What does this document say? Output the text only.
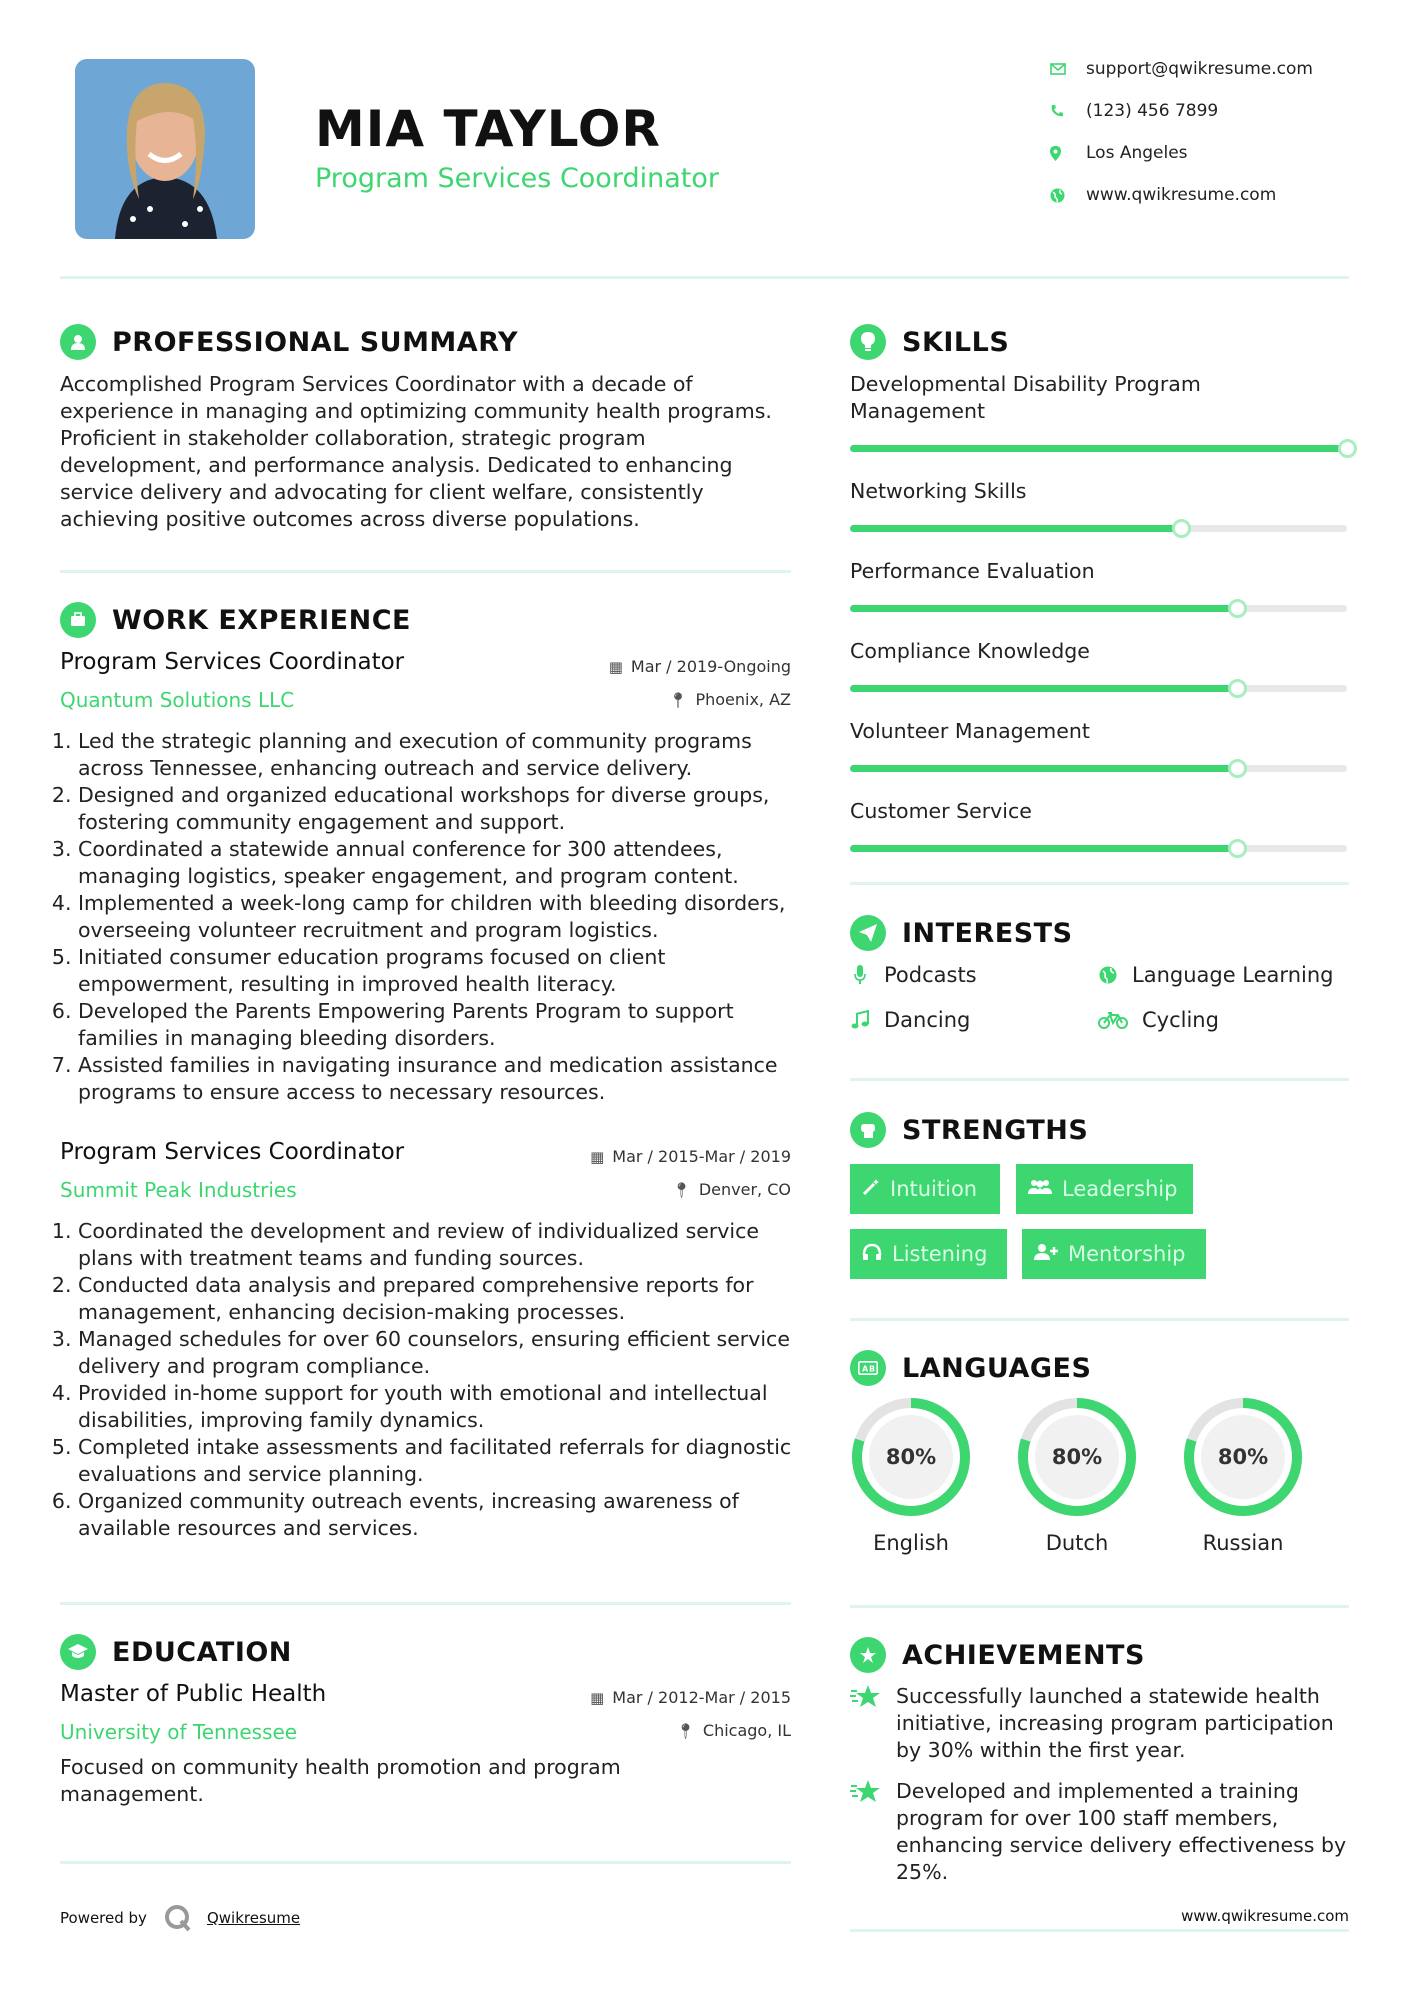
MIA TAYLOR
Program Services Coordinator
support@qwikresume.com
(123) 456 7899
Los Angeles
www.qwikresume.com
PROFESSIONAL SUMMARY
Accomplished Program Services Coordinator with a decade of experience in managing and optimizing community health programs. Proficient in stakeholder collaboration, strategic program development, and performance analysis. Dedicated to enhancing service delivery and advocating for client welfare, consistently achieving positive outcomes across diverse populations.
WORK EXPERIENCE
Program Services Coordinator	▦ Mar / 2019-Ongoing
Quantum Solutions LLC	📍︎ Phoenix, AZ
1. Led the strategic planning and execution of community programs across Tennessee, enhancing outreach and service delivery.
2. Designed and organized educational workshops for diverse groups, fostering community engagement and support.
3. Coordinated a statewide annual conference for 300 attendees, managing logistics, speaker engagement, and program content.
4. Implemented a week-long camp for children with bleeding disorders, overseeing volunteer recruitment and program logistics.
5. Initiated consumer education programs focused on client empowerment, resulting in improved health literacy.
6. Developed the Parents Empowering Parents Program to support families in managing bleeding disorders.
7. Assisted families in navigating insurance and medication assistance programs to ensure access to necessary resources.
Program Services Coordinator	▦ Mar / 2015-Mar / 2019
Summit Peak Industries	📍︎ Denver, CO
1. Coordinated the development and review of individualized service plans with treatment teams and funding sources.
2. Conducted data analysis and prepared comprehensive reports for management, enhancing decision-making processes.
3. Managed schedules for over 60 counselors, ensuring efficient service delivery and program compliance.
4. Provided in-home support for youth with emotional and intellectual disabilities, improving family dynamics.
5. Completed intake assessments and facilitated referrals for diagnostic evaluations and service planning.
6. Organized community outreach events, increasing awareness of available resources and services.
EDUCATION
Master of Public Health	▦ Mar / 2012-Mar / 2015
University of Tennessee	📍︎ Chicago, IL
Focused on community health promotion and program management.
Powered by	Qwikresume
SKILLS
Developmental Disability Program Management
Networking Skills
Performance Evaluation
Compliance Knowledge
Volunteer Management
Customer Service
INTERESTS
Podcasts	Language Learning
Dancing	Cycling
STRENGTHS
Intuition	Leadership
Listening	Mentorship
A B LANGUAGES
80%
English
80%
Dutch
80%
Russian
ACHIEVEMENTS
Successfully launched a statewide health initiative, increasing program participation by 30% within the first year.
Developed and implemented a training program for over 100 staff members, enhancing service delivery effectiveness by 25%.
www.qwikresume.com
